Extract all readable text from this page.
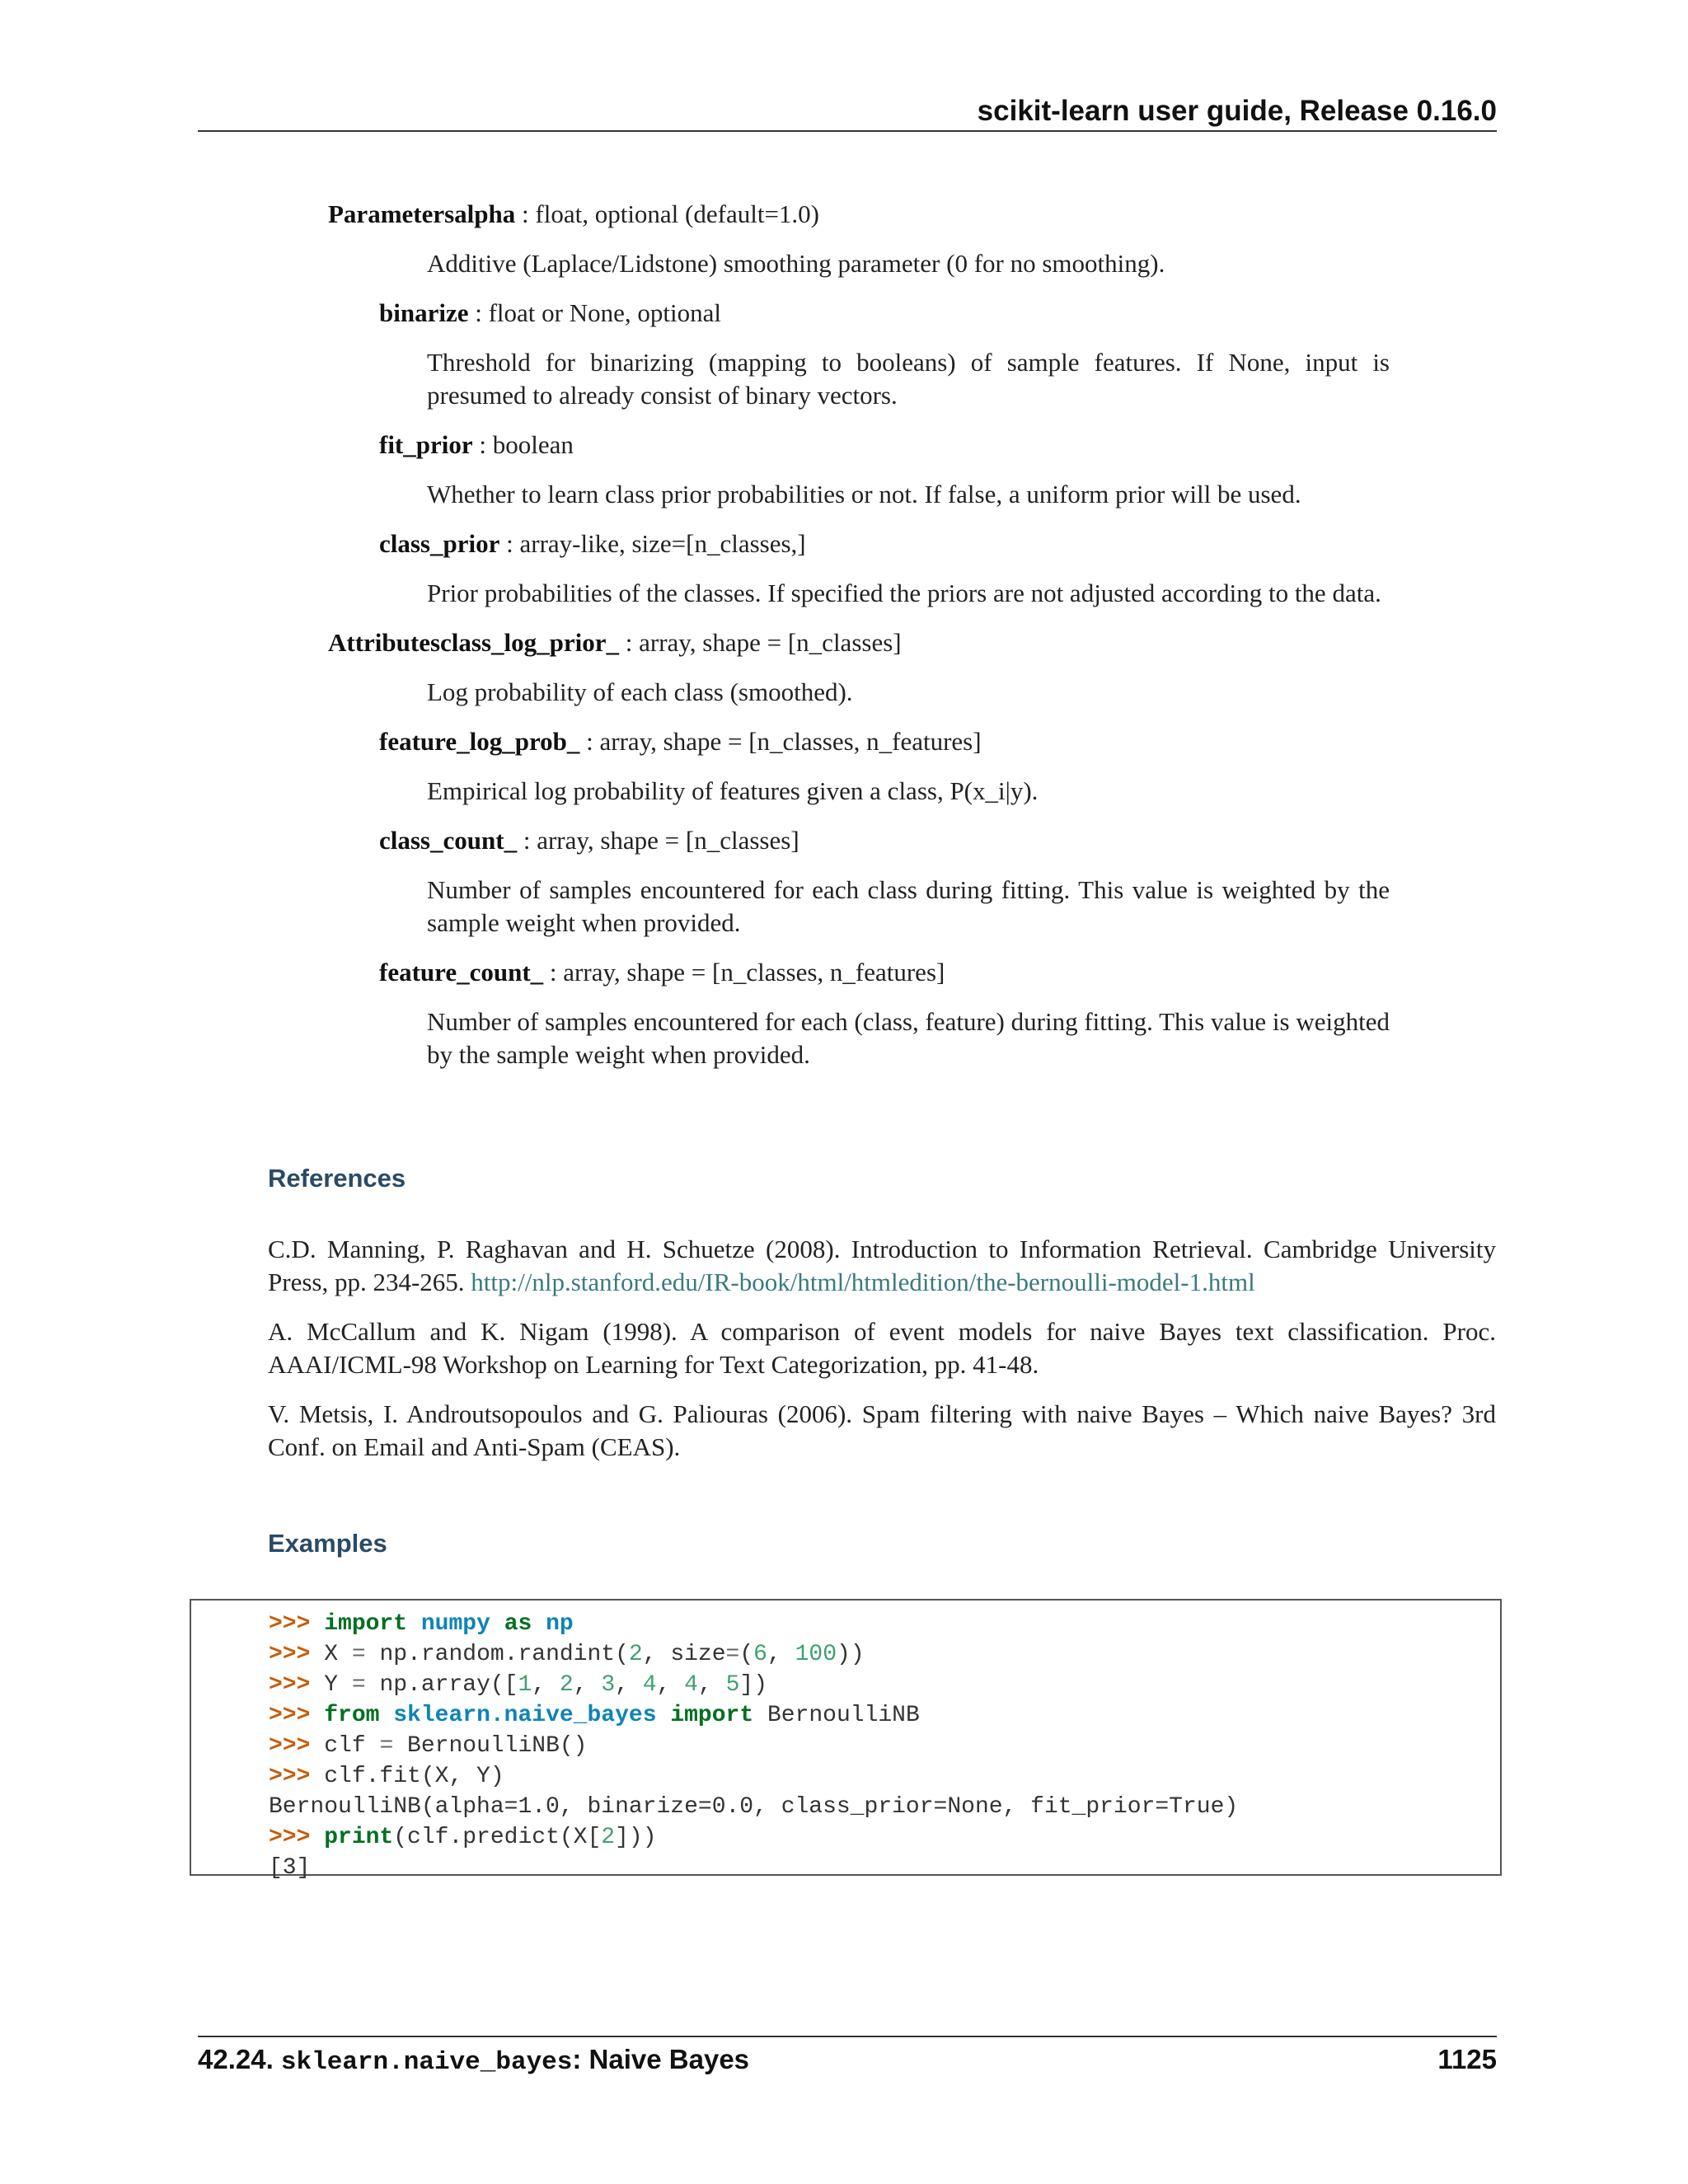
scikit-learn user guide, Release 0.16.0
Parametersalpha : float, optional (default=1.0)
Additive (Laplace/Lidstone) smoothing parameter (0 for no smoothing).
binarize : float or None, optional
Threshold for binarizing (mapping to booleans) of sample features. If None, input is presumed to already consist of binary vectors.
fit_prior : boolean
Whether to learn class prior probabilities or not. If false, a uniform prior will be used.
class_prior : array-like, size=[n_classes,]
Prior probabilities of the classes. If specified the priors are not adjusted according to the data.
Attributesclass_log_prior_ : array, shape = [n_classes]
Log probability of each class (smoothed).
feature_log_prob_ : array, shape = [n_classes, n_features]
Empirical log probability of features given a class, P(x_i|y).
class_count_ : array, shape = [n_classes]
Number of samples encountered for each class during fitting. This value is weighted by the sample weight when provided.
feature_count_ : array, shape = [n_classes, n_features]
Number of samples encountered for each (class, feature) during fitting. This value is weighted by the sample weight when provided.
References

C.D. Manning, P. Raghavan and H. Schuetze (2008). Introduction to Information Retrieval. Cambridge University Press, pp. 234-265. http://nlp.stanford.edu/IR-book/html/htmledition/the-bernoulli-model-1.html

A. McCallum and K. Nigam (1998). A comparison of event models for naive Bayes text classification. Proc. AAAI/ICML-98 Workshop on Learning for Text Categorization, pp. 41-48.

V. Metsis, I. Androutsopoulos and G. Paliouras (2006). Spam filtering with naive Bayes – Which naive Bayes? 3rd Conf. on Email and Anti-Spam (CEAS).

Examples
>>> import numpy as np
>>> X = np.random.randint(2, size=(6, 100))
>>> Y = np.array([1, 2, 3, 4, 4, 5])
>>> from sklearn.naive_bayes import BernoulliNB
>>> clf = BernoulliNB()
>>> clf.fit(X, Y)
BernoulliNB(alpha=1.0, binarize=0.0, class_prior=None, fit_prior=True)
>>> print(clf.predict(X[2]))
[3]
42.24. sklearn.naive_bayes: Naive Bayes	1125
